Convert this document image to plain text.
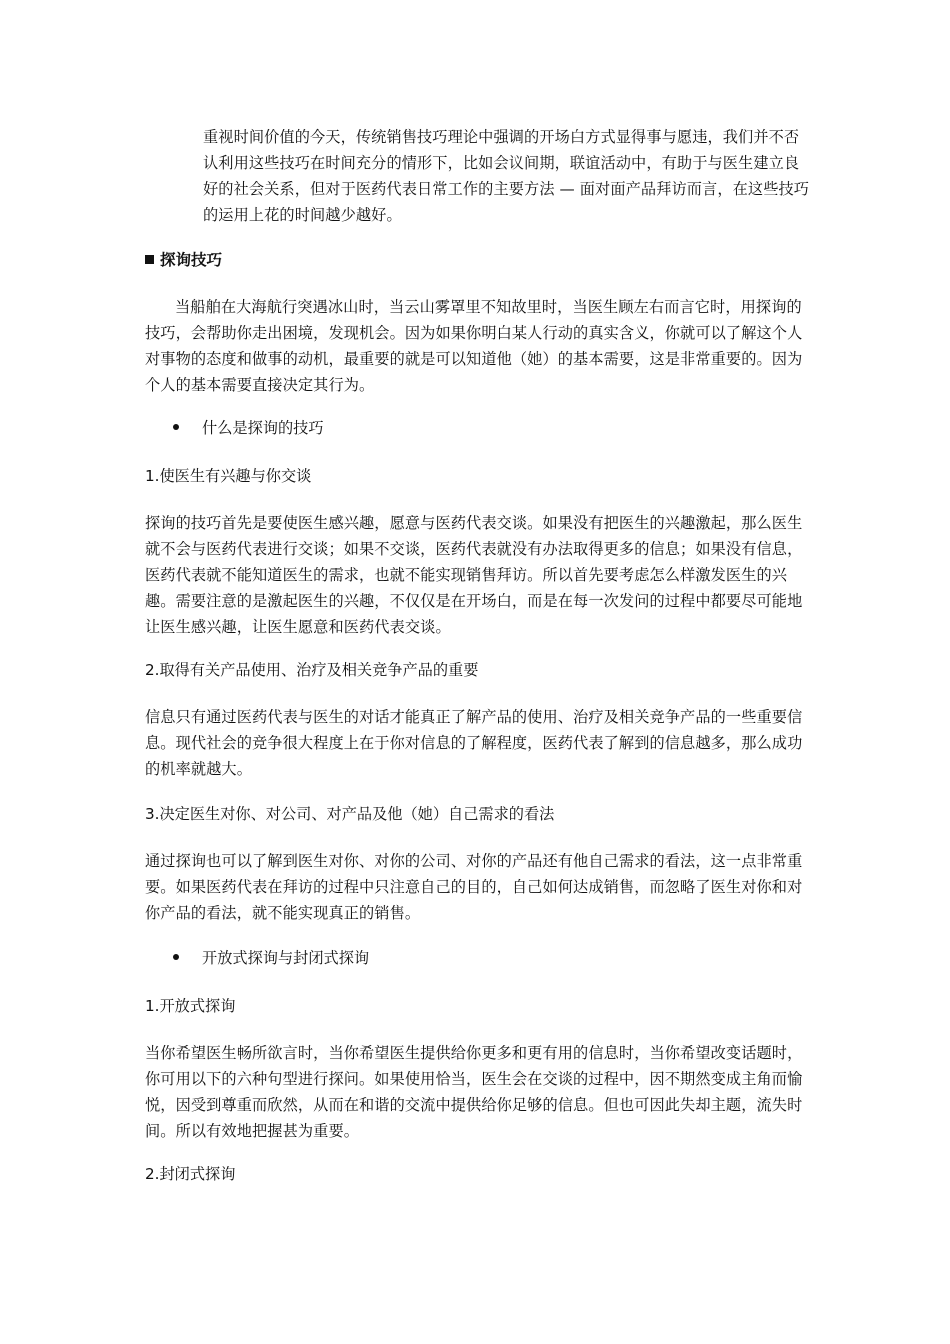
重视时间价值的今天，传统销售技巧理论中强调的开场白方式显得事与愿违，我们并不否认利用这些技巧在时间充分的情形下，比如会议间期，联谊活动中，有助于与医生建立良好的社会关系，但对于医药代表日常工作的主要方法 — 面对面产品拜访而言，在这些技巧的运用上花的时间越少越好。

探询技巧

当船舶在大海航行突遇冰山时，当云山雾罩里不知故里时，当医生顾左右而言它时，用探询的技巧，会帮助你走出困境，发现机会。因为如果你明白某人行动的真实含义，你就可以了解这个人对事物的态度和做事的动机，最重要的就是可以知道他（她）的基本需要，这是非常重要的。因为个人的基本需要直接决定其行为。

什么是探询的技巧
1.使医生有兴趣与你交谈

探询的技巧首先是要使医生感兴趣，愿意与医药代表交谈。如果没有把医生的兴趣激起，那么医生就不会与医药代表进行交谈；如果不交谈，医药代表就没有办法取得更多的信息；如果没有信息，医药代表就不能知道医生的需求，也就不能实现销售拜访。所以首先要考虑怎么样激发医生的兴趣。需要注意的是激起医生的兴趣，不仅仅是在开场白，而是在每一次发问的过程中都要尽可能地让医生感兴趣，让医生愿意和医药代表交谈。

2.取得有关产品使用、治疗及相关竞争产品的重要

信息只有通过医药代表与医生的对话才能真正了解产品的使用、治疗及相关竞争产品的一些重要信息。现代社会的竞争很大程度上在于你对信息的了解程度，医药代表了解到的信息越多，那么成功的机率就越大。

3.决定医生对你、对公司、对产品及他（她）自己需求的看法

通过探询也可以了解到医生对你、对你的公司、对你的产品还有他自己需求的看法，这一点非常重要。如果医药代表在拜访的过程中只注意自己的目的，自己如何达成销售，而忽略了医生对你和对你产品的看法，就不能实现真正的销售。

开放式探询与封闭式探询
1.开放式探询

当你希望医生畅所欲言时，当你希望医生提供给你更多和更有用的信息时，当你希望改变话题时，你可用以下的六种句型进行探问。如果使用恰当，医生会在交谈的过程中，因不期然变成主角而愉悦，因受到尊重而欣然，从而在和谐的交流中提供给你足够的信息。但也可因此失却主题，流失时间。所以有效地把握甚为重要。

2.封闭式探询
